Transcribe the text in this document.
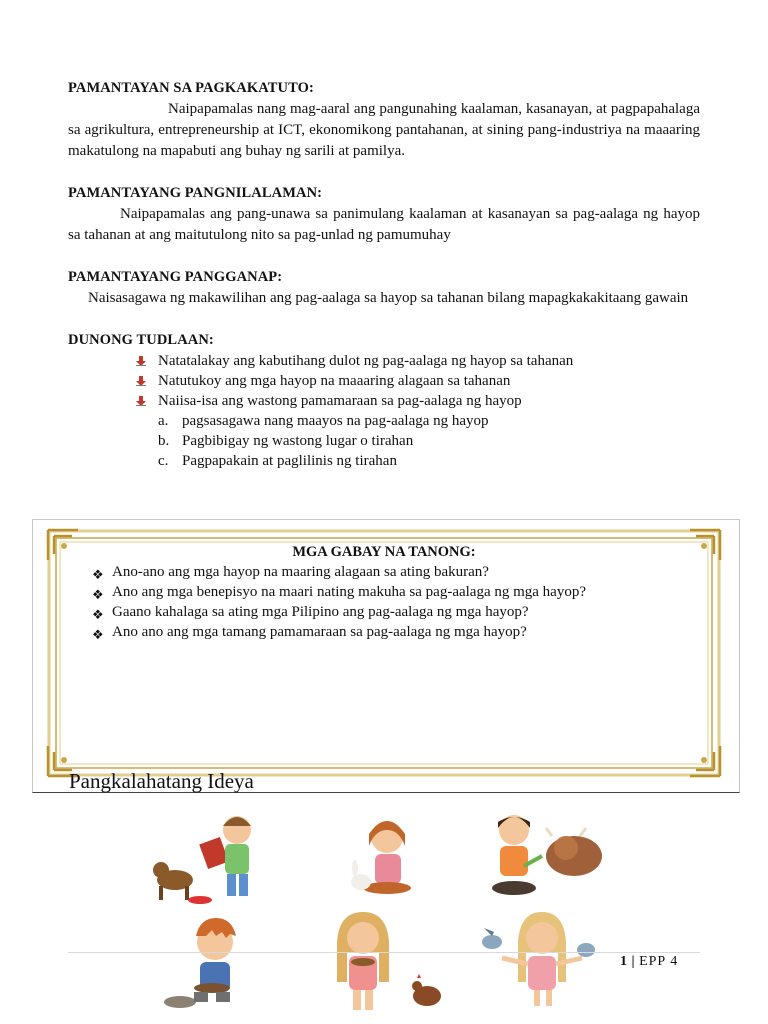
PAMANTAYAN SA PAGKAKATUTO:
Naipapamalas nang mag-aaral ang pangunahing kaalaman, kasanayan, at pagpapahalaga sa agrikultura, entrepreneurship at ICT, ekonomikong pantahanan, at sining pang-industriya na maaaring makatulong na mapabuti ang buhay ng sarili at pamilya.
PAMANTAYANG PANGNILALAMAN:
Naipapamalas ang pang-unawa sa panimulang kaalaman at kasanayan sa pag-aalaga ng hayop sa tahanan at ang maitutulong nito sa pag-unlad ng pamumuhay
PAMANTAYANG PANGGANAP:
Naisasagawa ng makawilihan ang pag-aalaga sa hayop sa tahanan bilang mapagkakakitaang gawain
DUNONG TUDLAAN:
Natatalakay ang kabutihang dulot ng pag-aalaga ng hayop sa tahanan
Natutukoy ang mga hayop na maaaring alagaan sa tahanan
Naiisa-isa ang wastong pamamaraan sa pag-aalaga ng hayop
a. pagsasagawa nang maayos na pag-aalaga ng hayop
b. Pagbibigay ng wastong lugar o tirahan
c. Pagpapakain at paglilinis ng tirahan
MGA GABAY NA TANONG:
❖ Ano-ano ang mga hayop na maaring alagaan sa ating bakuran?
❖ Ano ang mga benepisyo na maari nating makuha sa pag-aalaga ng mga hayop?
❖ Gaano kahalaga sa ating mga Pilipino ang pag-aalaga ng mga hayop?
❖ Ano ano ang mga tamang pamamaraan sa pag-aalaga ng mga hayop?
Pangkalahatang Ideya
1 | EPP 4
